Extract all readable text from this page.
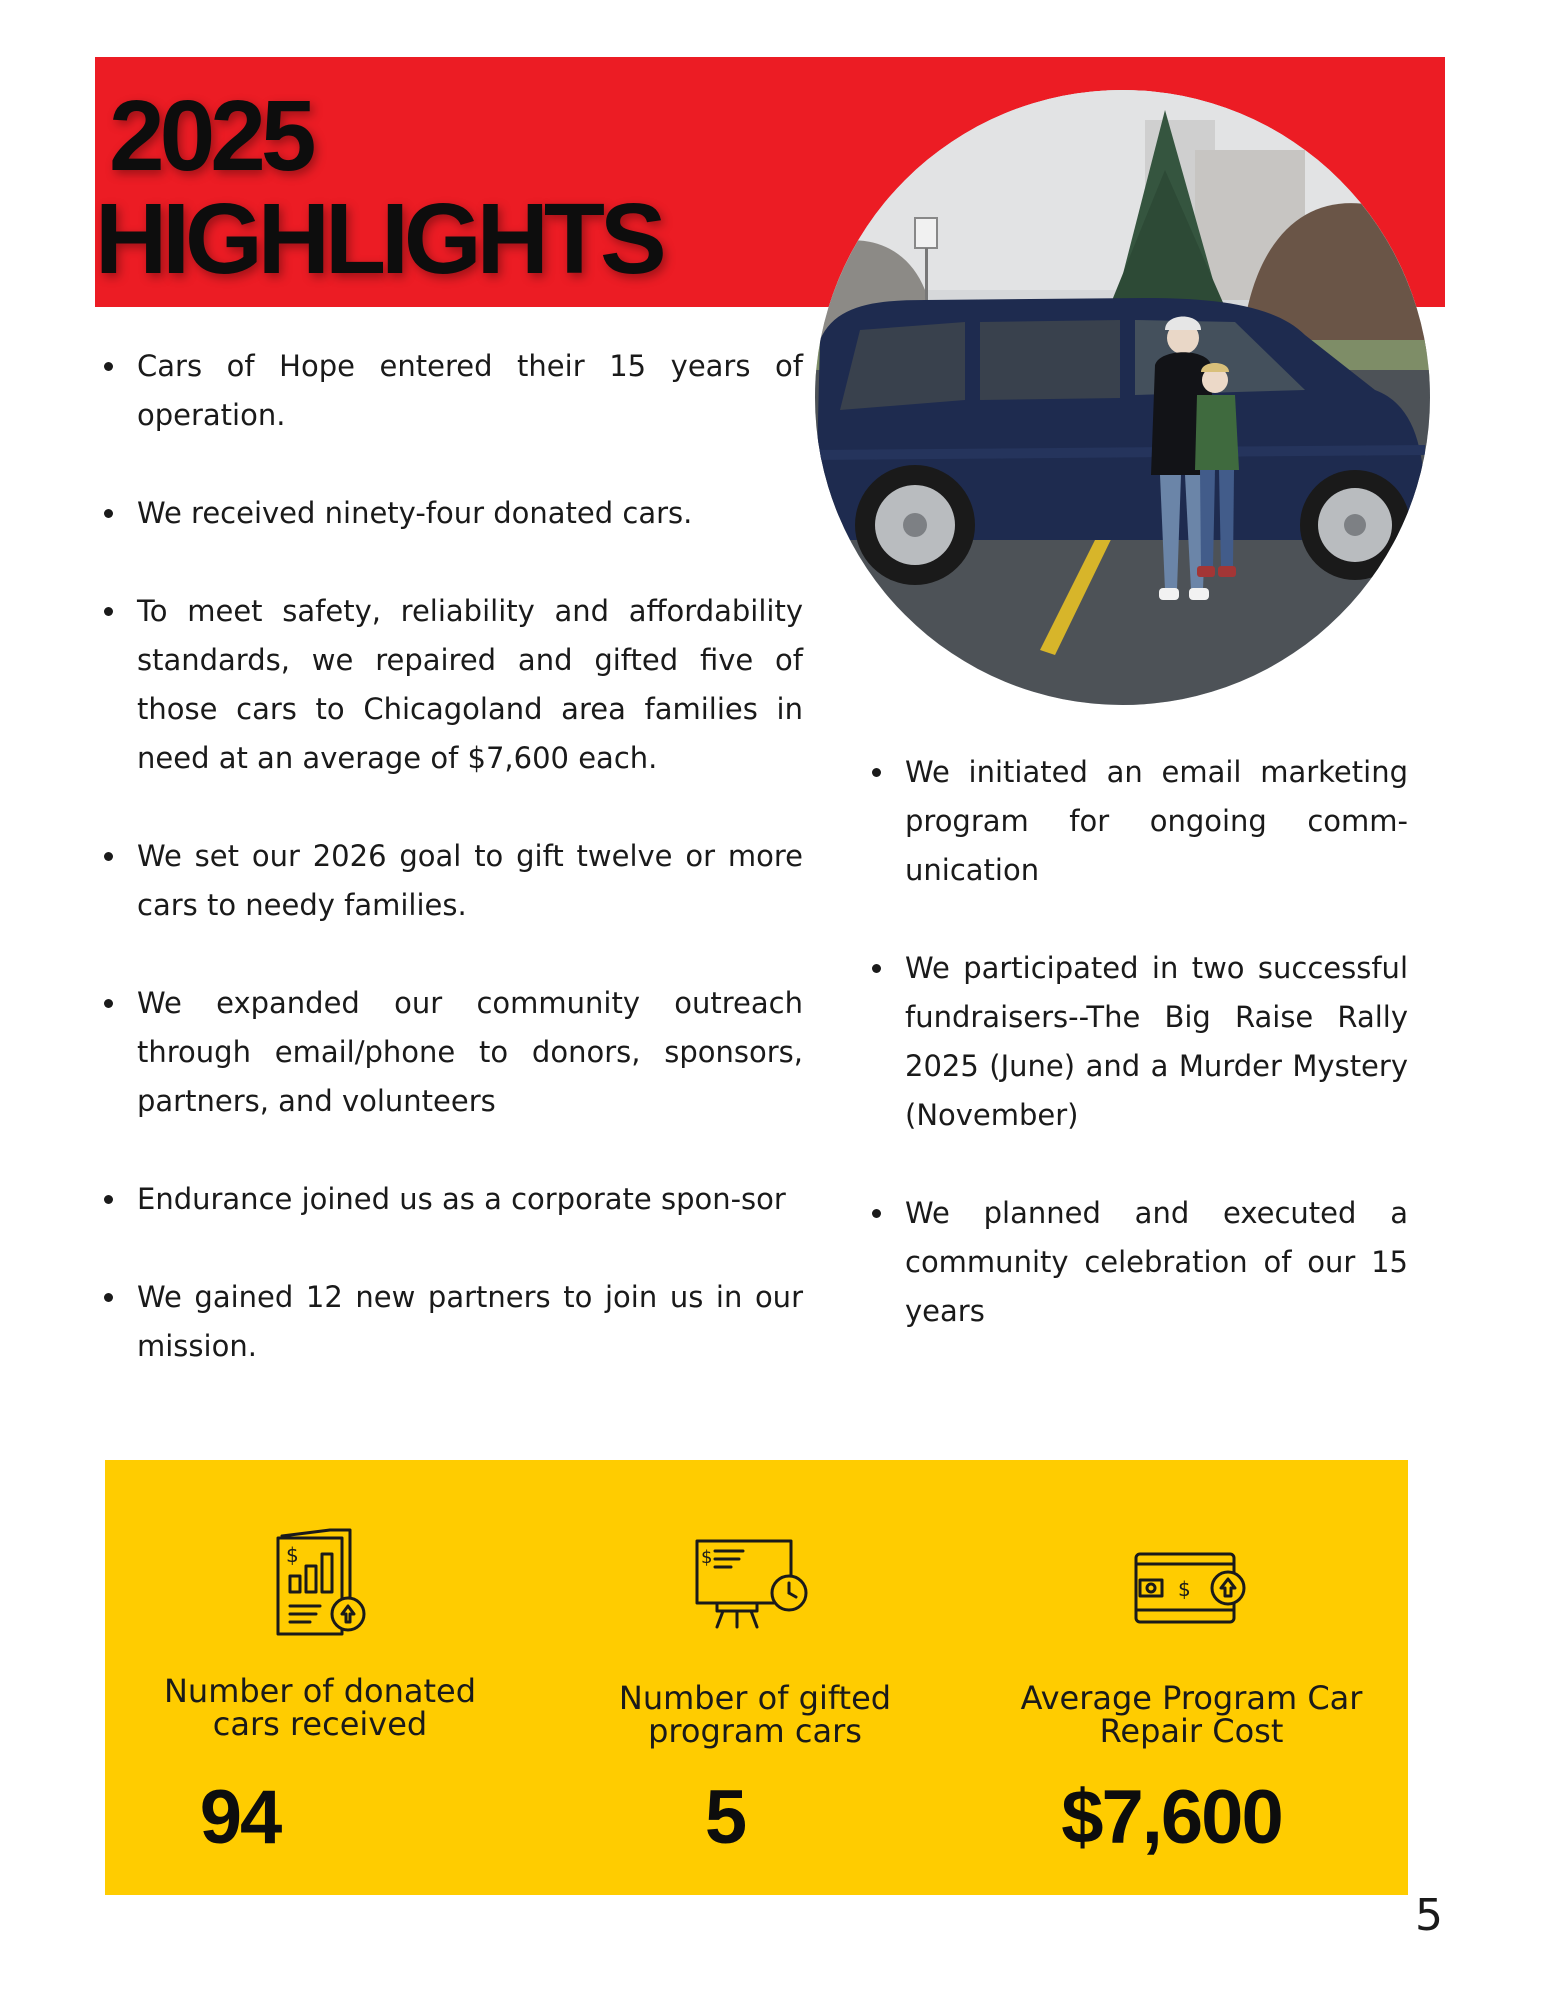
2025
HIGHLIGHTS
Cars of Hope entered their 15 years of operation.
We received ninety-four donated cars.
To meet safety, reliability and affordability standards, we repaired and gifted five of those cars to Chicagoland area families in need at an average of $7,600 each.
We set our 2026 goal to gift twelve or more cars to needy families.
We expanded our community outreach through email/phone to donors, sponsors, partners, and volunteers
Endurance joined us as a corporate spon-sor
We gained 12 new partners to join us in our mission.
We initiated an email marketing program for ongoing comm-unication
We participated in two successful fundraisers--The Big Raise Rally 2025 (June) and a Murder Mystery (November)
We planned and executed a community celebration of our 15 years
$
Number of donated
cars received
94
$
Number of gifted
program cars
5
$
Average Program Car
Repair Cost
$7,600
5
